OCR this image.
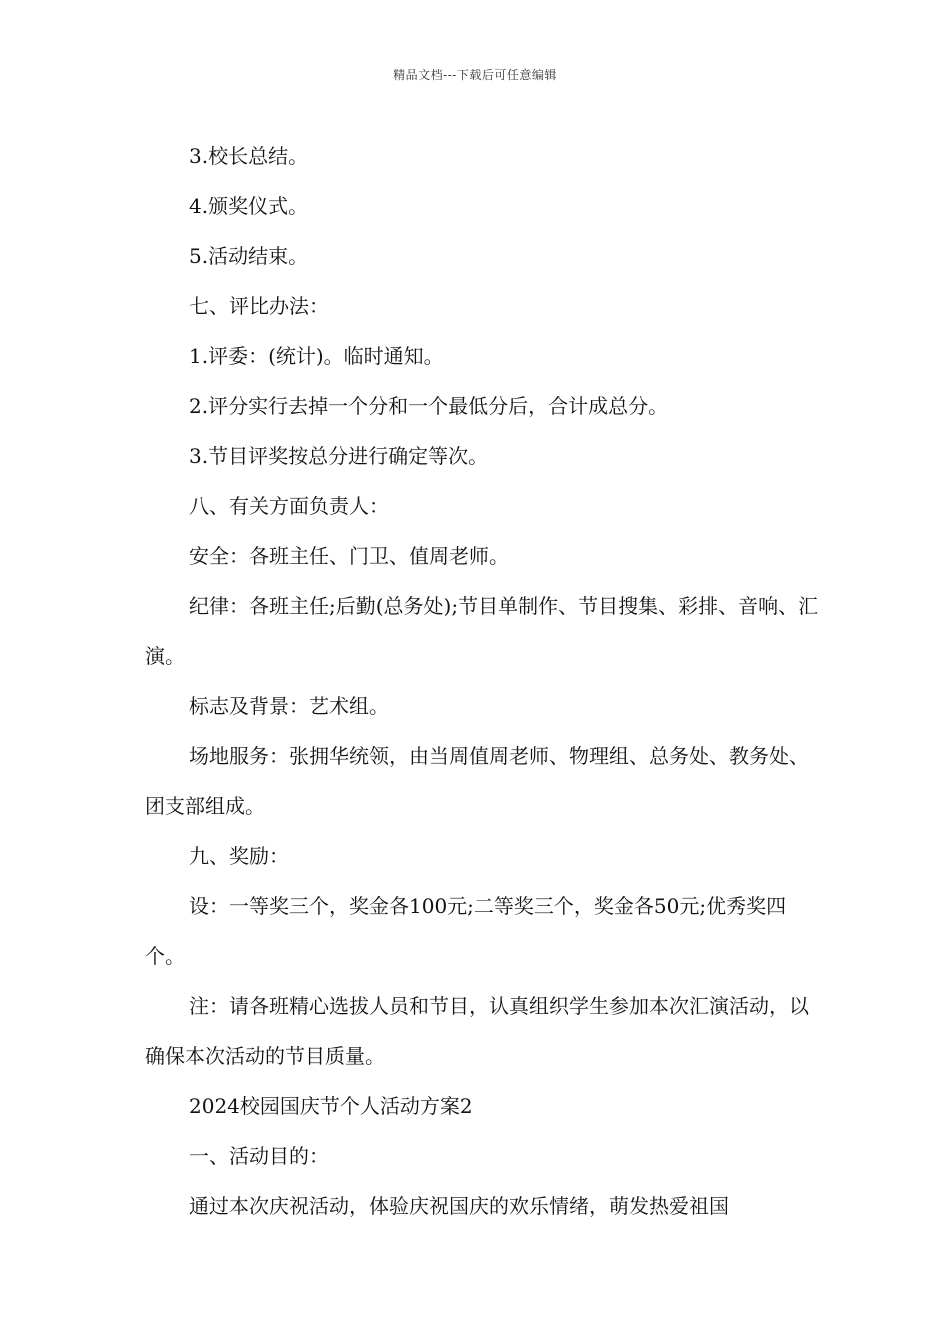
精品文档---下载后可任意编辑

3.校长总结。

4.颁奖仪式。

5.活动结束。

七、评比办法：

1.评委：(统计)。临时通知。

2.评分实行去掉一个分和一个最低分后，合计成总分。

3.节目评奖按总分进行确定等次。

八、有关方面负责人：

安全：各班主任、门卫、值周老师。

纪律：各班主任;后勤(总务处);节目单制作、节目搜集、彩排、音响、汇演。

标志及背景：艺术组。

场地服务：张拥华统领，由当周值周老师、物理组、总务处、教务处、团支部组成。

九、奖励：

设：一等奖三个，奖金各100元;二等奖三个，奖金各50元;优秀奖四个。

注：请各班精心选拔人员和节目，认真组织学生参加本次汇演活动，以确保本次活动的节目质量。

2024校园国庆节个人活动方案2

一、活动目的：

通过本次庆祝活动，体验庆祝国庆的欢乐情绪，萌发热爱祖国
